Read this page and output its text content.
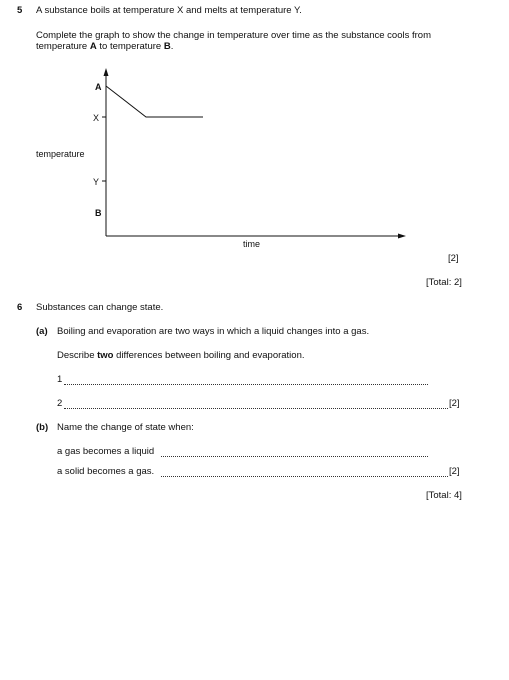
5 A substance boils at temperature X and melts at temperature Y.
Complete the graph to show the change in temperature over time as the substance cools from
temperature A to temperature B.
A
X
temperature
Y
B
time
[2]
[Total: 2]
6 Substances can change state.
(a) Boiling and evaporation are two ways in which a liquid changes into a gas.
Describe two differences between boiling and evaporation.
1
2	[2]
(b) Name the change of state when:
a gas becomes a liquid
a solid becomes a gas.	[2]
[Total: 4]
